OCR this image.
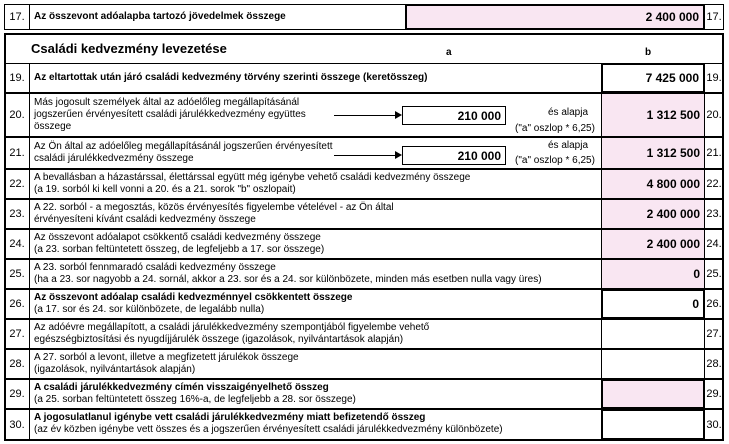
17. Az összevont adóalapba tartozó jövedelmek összege	2 400 000 17.
Családi kedvezmény levezetése	a	b
19. Az eltartottak után járó családi kedvezmény törvény szerinti összege (keretösszeg)	7 425 000 19.
20.
Más jogosult személyek által az adóelőleg megállapításánál jogszerűen érvényesített családi járulékkedvezmény együttes összege
210 000	és alapja
("a" oszlop * 6,25)
1 312 500 20.
21.
Az Ön által az adóelőleg megállapításánál jogszerűen érvényesített családi járulékkedvezmény összege	210 000
és alapja
("a" oszlop * 6,25)
1 312 500 21.
22.
A bevallásban a házastárssal, élettárssal együtt még igénybe vehető családi kedvezmény összege
(a 19. sorból ki kell vonni a 20. és a 21. sorok "b" oszlopait)	4 800 000 22.
23.
A 22. sorból - a megosztás, közös érvényesítés figyelembe vételével - az Ön által
érvényesíteni kívánt családi kedvezmény összege	2 400 000 23.
24.
Az összevont adóalapot csökkentő családi kedvezmény összege
(a 23. sorban feltüntetett összeg, de legfeljebb a 17. sor összege)	2 400 000 24.
25.
A 23. sorból fennmaradó családi kedvezmény összege
(ha a 23. sor nagyobb a 24. sornál, akkor a 23. sor és a 24. sor különbözete, minden más esetben nulla vagy üres)	0 25.
26.
Az összevont adóalap családi kedvezménnyel csökkentett összege
(a 17. sor és 24. sor különbözete, de legalább nulla)	0 26.
27.
Az adóévre megállapított, a családi járulékkedvezmény szempontjából figyelembe vehető
egészségbiztosítási és nyugdíjjárulék összege (igazolások, nyilvántartások alapján)	27.
28.
A 27. sorból a levont, illetve a megfizetett járulékok összege
(igazolások, nyilvántartások alapján)	28.
29.
A családi járulékkedvezmény címén visszaigényelhető összeg
(a 25. sorban feltüntetett összeg 16%-a, de legfeljebb a 28. sor összege)	29.
30.
A jogosulatlanul igénybe vett családi járulékkedvezmény miatt befizetendő összeg
(az év közben igénybe vett összes és a jogszerűen érvényesített családi járulékkedvezmény különbözete)	30.
